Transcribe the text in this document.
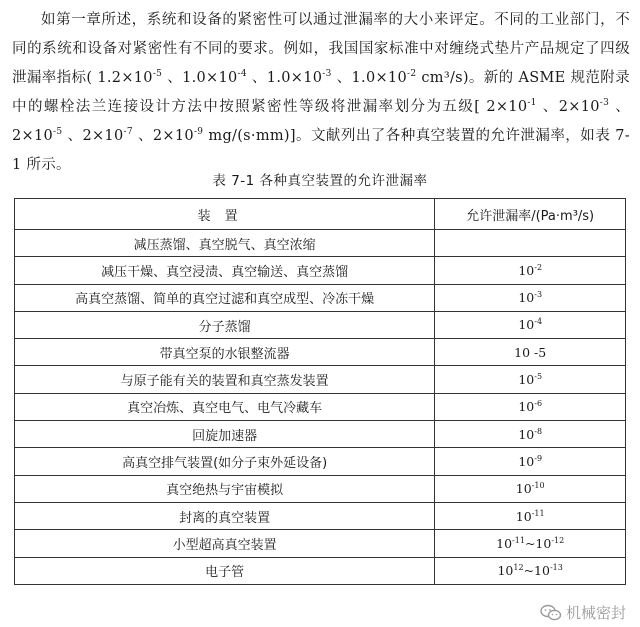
如第一章所述，系统和设备的紧密性可以通过泄漏率的大小来评定。不同的工业部门，不同的系统和设备对紧密性有不同的要求。例如，我国国家标准中对缠绕式垫片产品规定了四级泄漏率指标( $1.2\times 10^{-5}$ 、$1.0\times 10^{-4}$ 、$1.0\times 10^{-3}$ 、$1.0\times 10^{-2}$ cm³/s)。新的 ASME 规范附录中的螺栓法兰连接设计方法中按照紧密性等级将泄漏率划分为五级[ $2\times 10^{-1}$ 、$2\times 10^{-3}$ 、$2\times 10^{-5}$ 、$2\times 10^{-7}$ 、$2\times 10^{-9}$ mg/(s·mm)]。文献列出了各种真空装置的允许泄漏率，如表 7-1 所示。
表 7-1 各种真空装置的允许泄漏率
装置	允许泄漏率/(Pa·m³/s)
减压蒸馏、真空脱气、真空浓缩	
减压干燥、真空浸渍、真空输送、真空蒸馏	$10^{-2}$
高真空蒸馏、简单的真空过滤和真空成型、冷冻干燥	$10^{-3}$
分子蒸馏	$10^{-4}$
带真空泵的水银整流器	10 -5
与原子能有关的装置和真空蒸发装置	$10^{-5}$
真空冶炼、真空电气、电气冷藏车	$10^{-6}$
回旋加速器	$10^{-8}$
高真空排气装置(如分子束外延设备)	$10^{-9}$
真空绝热与宇宙模拟	$10^{-10}$
封离的真空装置	$10^{-11}$
小型超高真空装置	$10^{-11}\sim 10^{-12}$
电子管	$10^{12}\sim 10^{-13}$
机械密封
